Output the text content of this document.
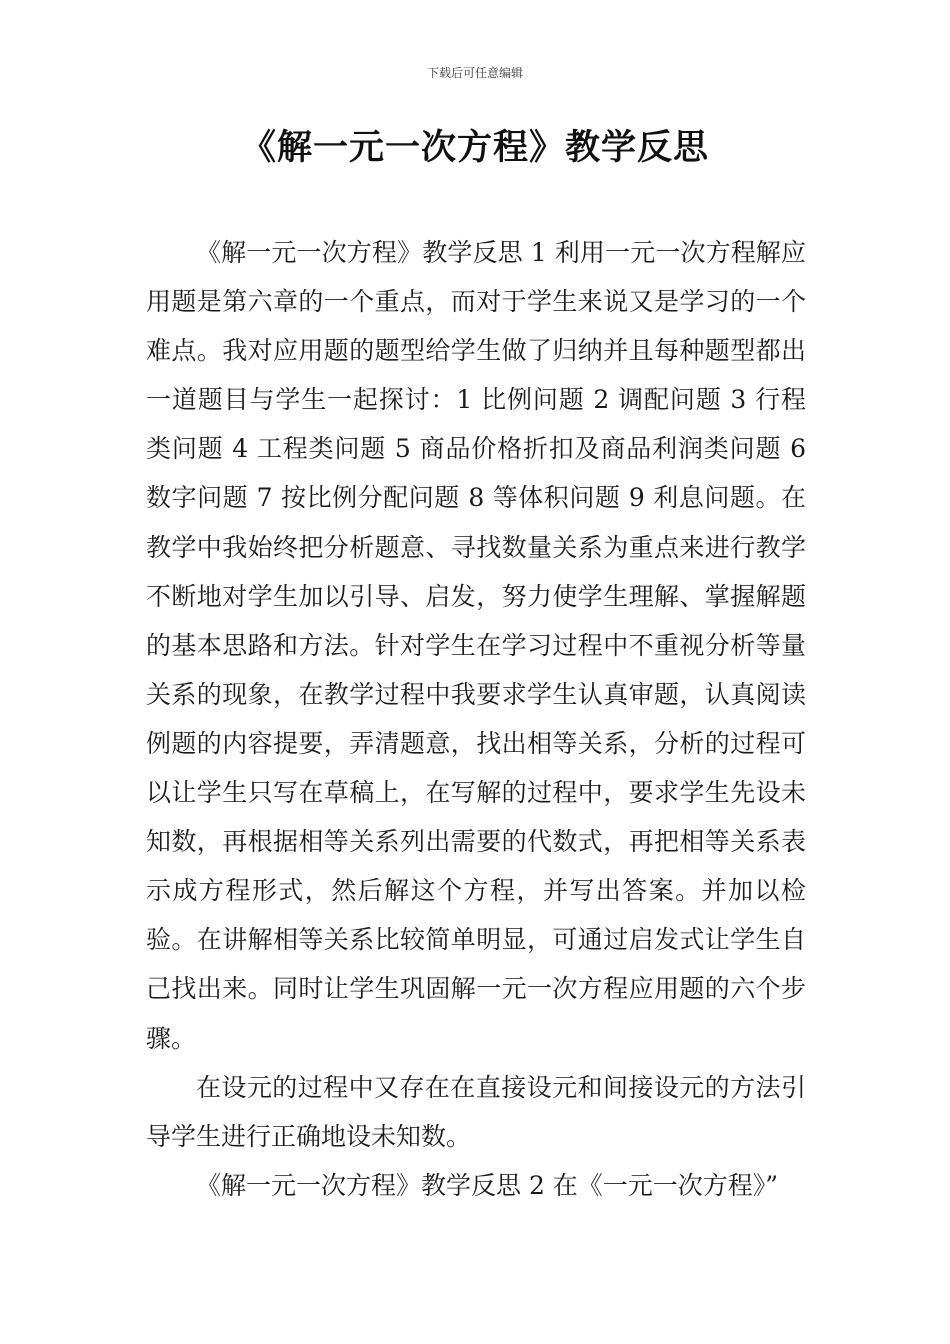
下载后可任意编辑
《解一元一次方程》教学反思

《解一元一次方程》教学反思 1 利用一元一次方程解应用题是第六章的一个重点，而对于学生来说又是学习的一个难点。我对应用题的题型给学生做了归纳并且每种题型都出一道题目与学生一起探讨：1 比例问题 2 调配问题 3 行程类问题 4 工程类问题 5 商品价格折扣及商品利润类问题 6 数字问题 7 按比例分配问题 8 等体积问题 9 利息问题。在教学中我始终把分析题意、寻找数量关系为重点来进行教学不断地对学生加以引导、启发，努力使学生理解、掌握解题的基本思路和方法。针对学生在学习过程中不重视分析等量关系的现象，在教学过程中我要求学生认真审题，认真阅读例题的内容提要，弄清题意，找出相等关系，分析的过程可以让学生只写在草稿上，在写解的过程中，要求学生先设未知数，再根据相等关系列出需要的代数式，再把相等关系表示成方程形式，然后解这个方程，并写出答案。并加以检验。在讲解相等关系比较简单明显，可通过启发式让学生自己找出来。同时让学生巩固解一元一次方程应用题的六个步骤。

在设元的过程中又存在在直接设元和间接设元的方法引导学生进行正确地设未知数。

《解一元一次方程》教学反思 2 在《一元一次方程》”
